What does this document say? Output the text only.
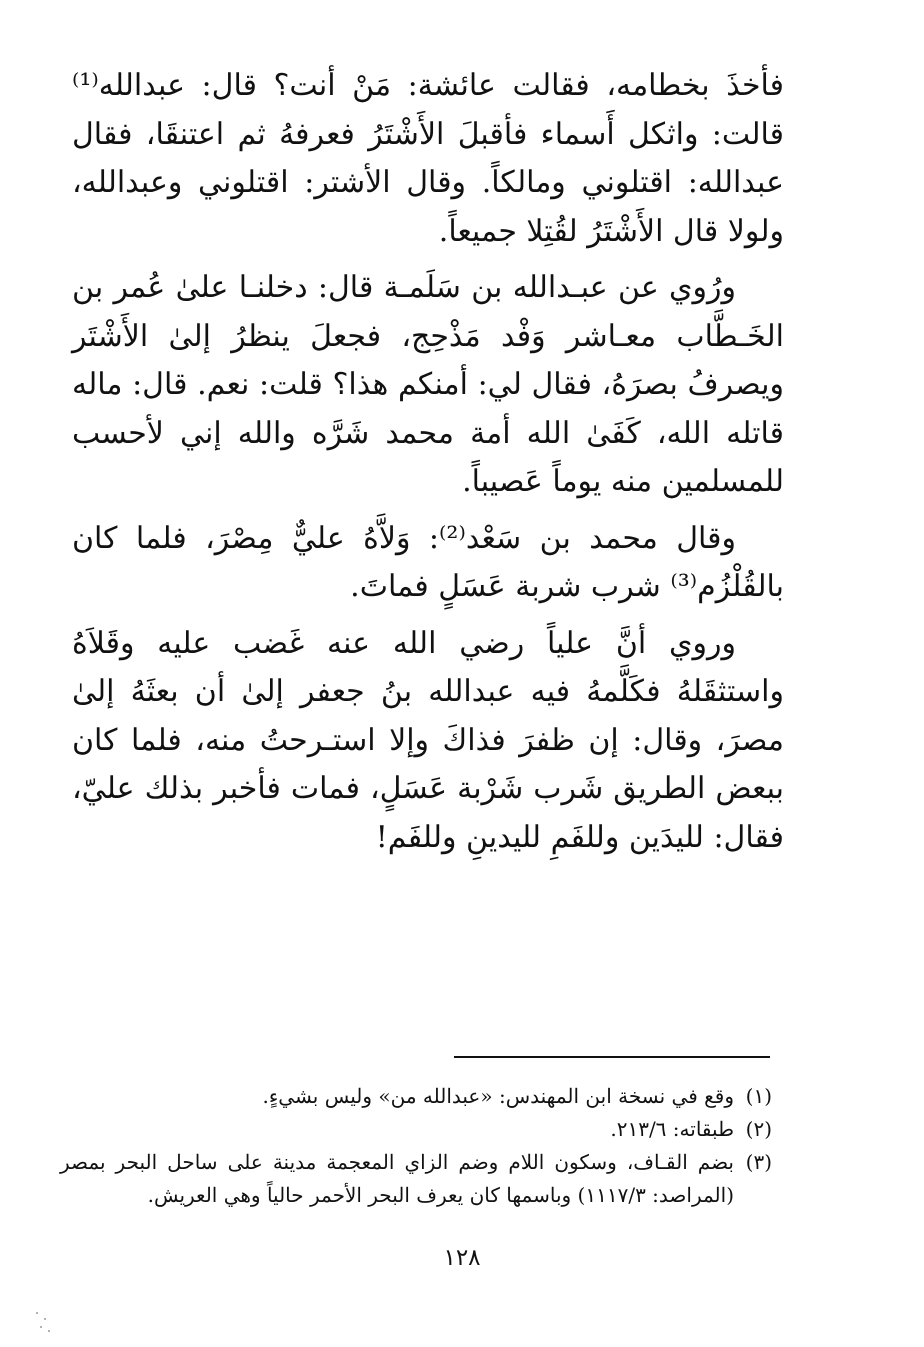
فأخذَ بخطامه، فقالت عائشة: مَنْ أنت؟ قال: عبدالله⁽¹⁾ قالت: واثكل أَسماء فأقبلَ الأَشْتَرُ فعرفهُ ثم اعتنقَا، فقال عبدالله: اقتلوني ومالكاً. وقال الأشتر: اقتلوني وعبدالله، ولولا قال الأَشْتَرُ لقُتِلا جميعاً.

ورُوي عن عبـدالله بن سَلَمـة قال: دخلنـا علىٰ عُمر بن الخَـطَّاب معـاشر وَفْد مَذْحِج، فجعلَ ينظرُ إلىٰ الأَشْتَر ويصرفُ بصرَهُ، فقال لي: أمنكم هذا؟ قلت: نعم. قال: ماله قاتله الله، كَفَىٰ الله أمة محمد شَرَّه والله إني لأحسب للمسلمين منه يوماً عَصيباً.

وقال محمد بن سَعْد⁽²⁾: وَلاَّهُ عليٌّ مِصْرَ، فلما كان بالقُلْزُم⁽³⁾ شرب شربة عَسَلٍ فماتَ.

وروي أنَّ علياً رضي الله عنه غَضب عليه وقَلاَهُ واستثقَلهُ فكَلَّمهُ فيه عبدالله بنُ جعفر إلىٰ أن بعثَهُ إلىٰ مصرَ، وقال: إن ظفرَ فذاكَ وإلا استـرحتُ منه، فلما كان ببعض الطريق شَرب شَرْبة عَسَلٍ، فمات فأخبر بذلك عليّ، فقال: لليدَين وللفَمِ لليدينِ وللفَم!

(١)
وقع في نسخة ابن المهندس: «عبدالله من» وليس بشيءٍ.
(٢)
طبقاته: ٢١٣/٦.
(٣)
بضم القـاف، وسكون اللام وضم الزاي المعجمة مدينة على ساحل البحر بمصر (المراصد: ١١١٧/٣) وباسمها كان يعرف البحر الأحمر حالياً وهي العريش.
١٢٨
